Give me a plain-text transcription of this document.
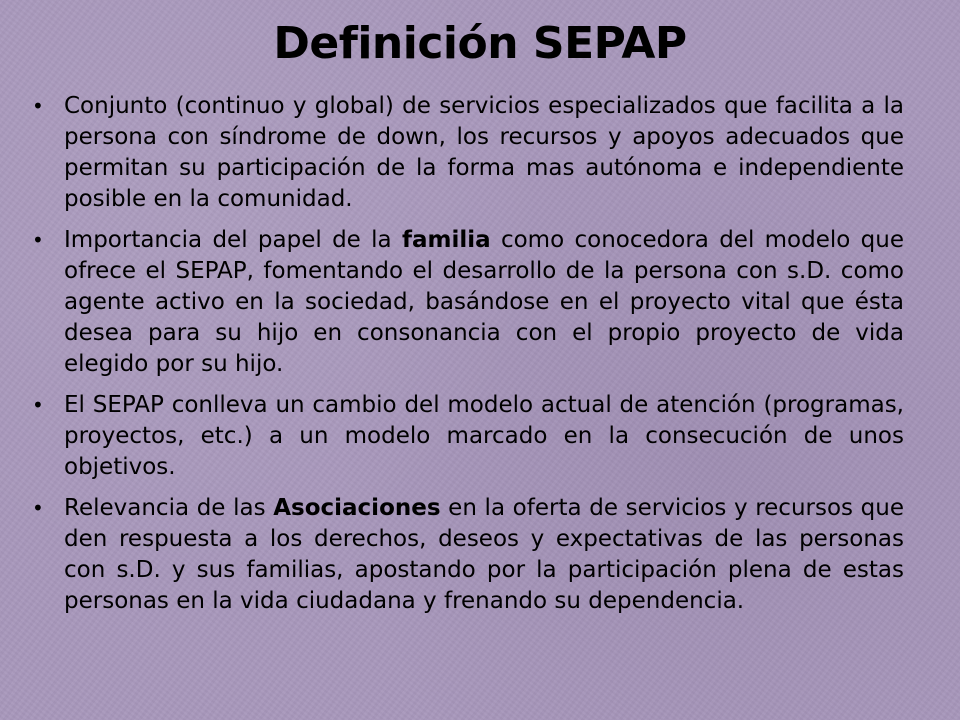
Definición SEPAP
• Conjunto (continuo y global) de servicios especializados que facilita a la persona con síndrome de down, los recursos y apoyos adecuados que permitan su participación de la forma mas autónoma e independiente posible en la comunidad.
• Importancia del papel de la familia como conocedora del modelo que ofrece el SEPAP, fomentando el desarrollo de la persona con s.D. como agente activo en la sociedad, basándose en el proyecto vital que ésta desea para su hijo en consonancia con el propio proyecto de vida elegido por su hijo.
• El SEPAP conlleva un cambio del modelo actual de atención (programas, proyectos, etc.) a un modelo marcado en la consecución de unos objetivos.
• Relevancia de las Asociaciones en la oferta de servicios y recursos que den respuesta a los derechos, deseos y expectativas de las personas con s.D. y sus familias, apostando por la participación plena de estas personas en la vida ciudadana y frenando su dependencia.
